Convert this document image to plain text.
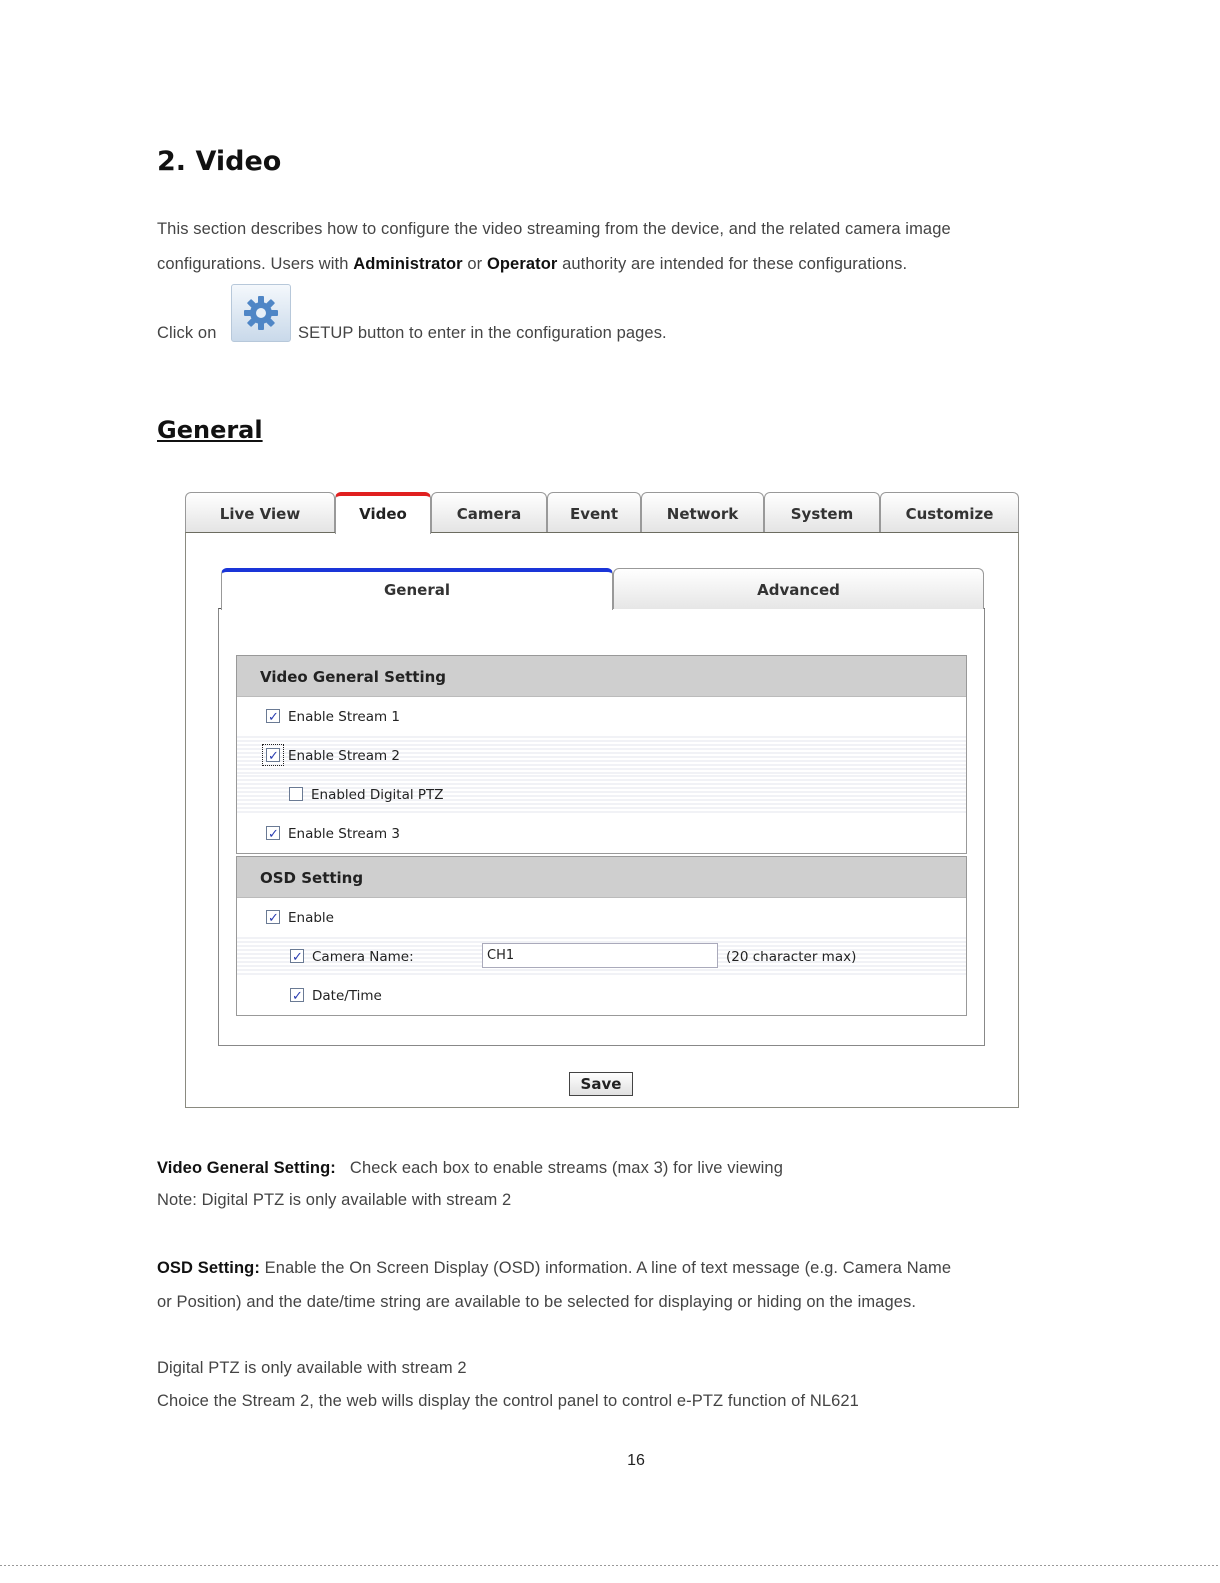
2. Video
This section describes how to configure the video streaming from the device, and the related camera image
configurations. Users with Administrator or Operator authority are intended for these configurations.
Click on	SETUP button to enter in the configuration pages.
General
Live View	Video	Camera	Event	Network	System	Customize
General	Advanced
Video General Setting
✓
Enable Stream 1
✓
Enable Stream 2
Enabled Digital PTZ
✓
Enable Stream 3
OSD Setting
✓
Enable
✓
Camera Name:	CH1	(20 character max)
✓
Date/Time
Save
Video General Setting: Check each box to enable streams (max 3) for live viewing
Note: Digital PTZ is only available with stream 2
OSD Setting: Enable the On Screen Display (OSD) information. A line of text message (e.g. Camera Name
or Position) and the date/time string are available to be selected for displaying or hiding on the images.
Digital PTZ is only available with stream 2
Choice the Stream 2, the web wills display the control panel to control e-PTZ function of NL621
16
